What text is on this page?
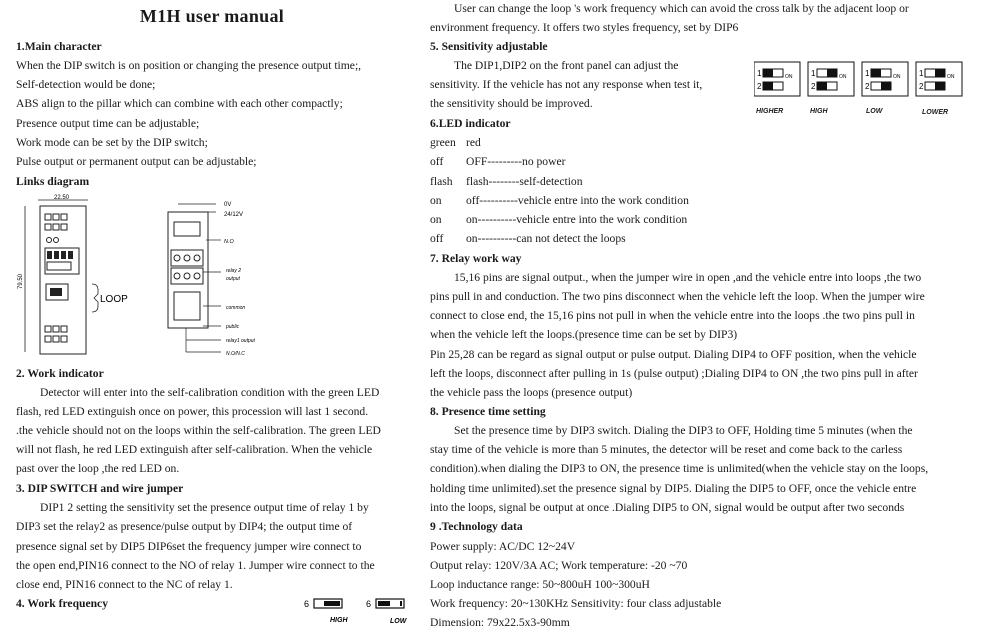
M1H user manual
1.Main character
When the DIP switch is on position or changing the presence output time;,
Self-detection would be done;
ABS align to the pillar which can combine with each other compactly;
Presence output time can be adjustable;
Work mode can be set by the DIP switch;
Pulse output or permanent output can be adjustable;
Links diagram
22.50
79.50
LOOP
0V
24/12V
N.O
relay 2
output
common
public
relay1 output
N.O/N.C
2. Work indicator
Detector will enter into the self-calibration condition with the green LED
flash, red LED extinguish once on power, this procession will last 1 second.
.the vehicle should not on the loops within the self-calibration. The green LED
will not flash, he red LED extinguish after self-calibration. When the vehicle
past over the loop ,the red LED on.
3. DIP SWITCH and wire jumper
DIP1 2 setting the sensitivity set the presence output time of relay 1 by
DIP3 set the relay2 as presence/pulse output by DIP4; the output time of
presence signal set by DIP5 DIP6set the frequency jumper wire connect to
the open end,PIN16 connect to the NO of relay 1. Jumper wire connect to the
close end, PIN16 connect to the NC of relay 1.
4. Work frequency	6	6
HIGH	LOW
User can change the loop 's work frequency which can avoid the cross talk by the adjacent loop or
environment frequency. It offers two styles frequency, set by DIP6
5. Sensitivity adjustable
The DIP1,DIP2 on the front panel can adjust the
sensitivity. If the vehicle has not any response when test it,
the sensitivity should be improved.
1
2
ON 1
2
ON 1
2
ON 1
2
ON
HIGHER	HIGH	LOW	LOWER
6.LED indicator
green red
off OFF---------no power
flash flash--------self-detection
on off----------vehicle entre into the work condition
on on----------vehicle entre into the work condition
off on----------can not detect the loops
7. Relay work way
15,16 pins are signal output., when the jumper wire in open ,and the vehicle entre into loops ,the two
pins pull in and conduction. The two pins disconnect when the vehicle left the loop. When the jumper wire
connect to close end, the 15,16 pins not pull in when the vehicle entre into the loops .the two pins pull in
when the vehicle left the loops.(presence time can be set by DIP3)
Pin 25,28 can be regard as signal output or pulse output. Dialing DIP4 to OFF position, when the vehicle
left the loops, disconnect after pulling in 1s (pulse output) ;Dialing DIP4 to ON ,the two pins pull in after
the vehicle pass the loops (presence output)
8. Presence time setting
Set the presence time by DIP3 switch. Dialing the DIP3 to OFF, Holding time 5 minutes (when the
stay time of the vehicle is more than 5 minutes, the detector will be reset and come back to the carless
condition).when dialing the DIP3 to ON, the presence time is unlimited(when the vehicle stay on the loops,
holding time unlimited).set the presence signal by DIP5. Dialing the DIP5 to OFF, once the vehicle entre
into the loops, signal be output at once .Dialing DIP5 to ON, signal would be output after two seconds
9 .Technology data
Power supply: AC/DC 12~24V
Output relay: 120V/3A AC; Work temperature: -20 ~70
Loop inductance range: 50~800uH 100~300uH
Work frequency: 20~130KHz Sensitivity: four class adjustable
Dimension: 79x22.5x3-90mm
